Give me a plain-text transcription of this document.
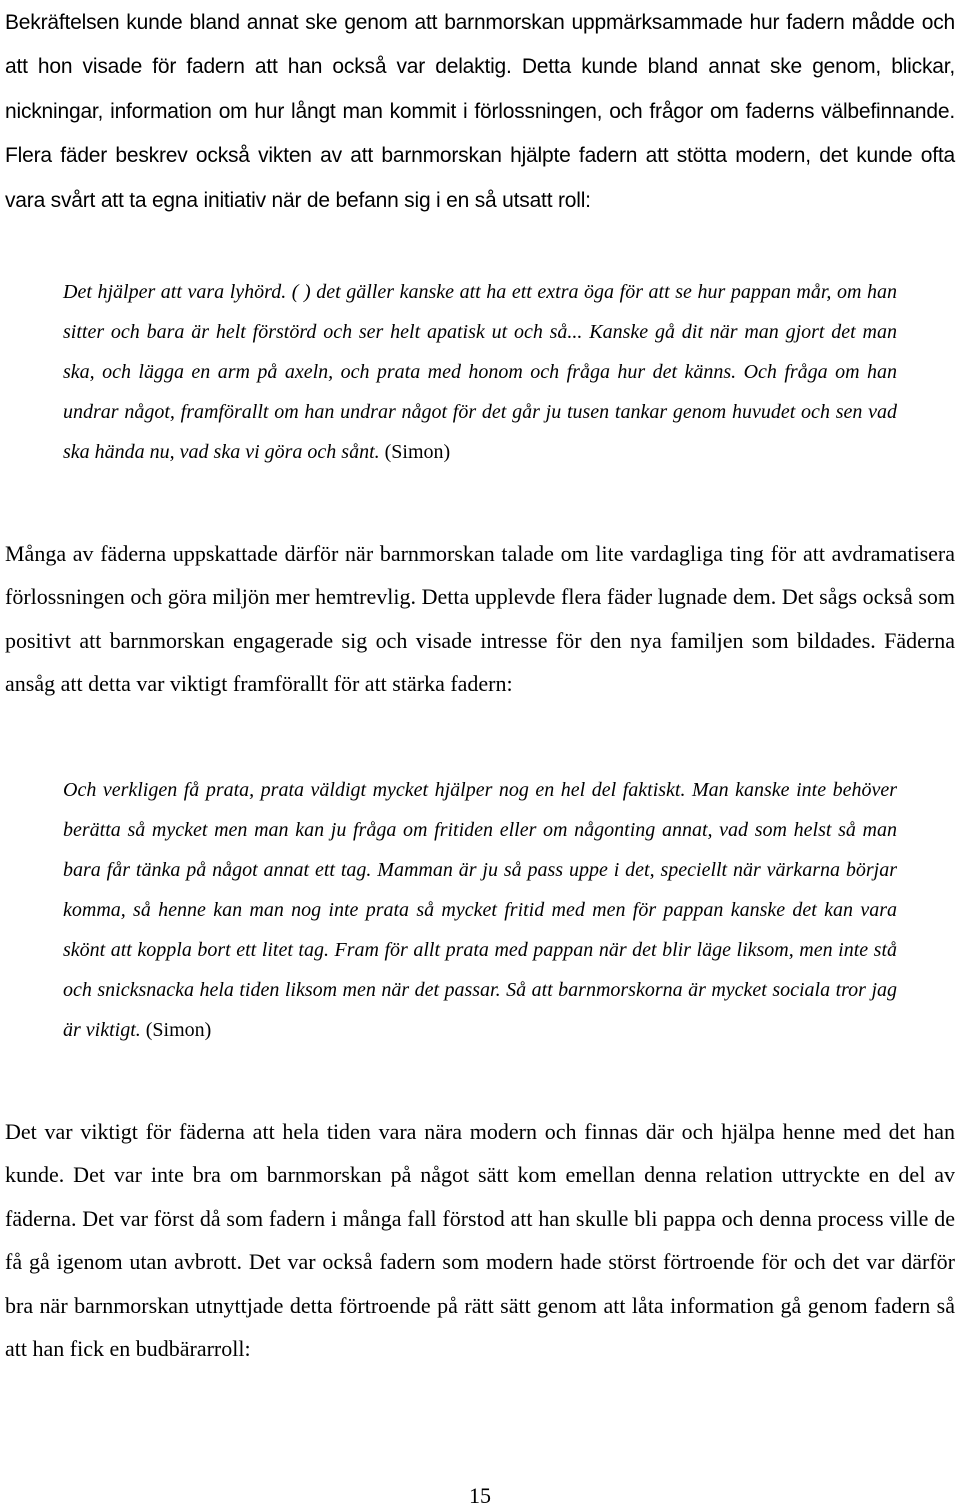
Bekräftelsen kunde bland annat ske genom att barnmorskan uppmärksammade hur fadern mådde och att hon visade för fadern att han också var delaktig. Detta kunde bland annat ske genom, blickar, nickningar, information om hur långt man kommit i förlossningen, och frågor om faderns välbefinnande. Flera fäder beskrev också vikten av att barnmorskan hjälpte fadern att stötta modern, det kunde ofta vara svårt att ta egna initiativ när de befann sig i en så utsatt roll:

Det hjälper att vara lyhörd. ( ) det gäller kanske att ha ett extra öga för att se hur pappan mår, om han sitter och bara är helt förstörd och ser helt apatisk ut och så... Kanske gå dit när man gjort det man ska, och lägga en arm på axeln, och prata med honom och fråga hur det känns. Och fråga om han undrar något, framförallt om han undrar något för det går ju tusen tankar genom huvudet och sen vad ska hända nu, vad ska vi göra och sånt. (Simon)

Många av fäderna uppskattade därför när barnmorskan talade om lite vardagliga ting för att avdramatisera förlossningen och göra miljön mer hemtrevlig. Detta upplevde flera fäder lugnade dem. Det sågs också som positivt att barnmorskan engagerade sig och visade intresse för den nya familjen som bildades. Fäderna ansåg att detta var viktigt framförallt för att stärka fadern:

Och verkligen få prata, prata väldigt mycket hjälper nog en hel del faktiskt. Man kanske inte behöver berätta så mycket men man kan ju fråga om fritiden eller om någonting annat, vad som helst så man bara får tänka på något annat ett tag. Mamman är ju så pass uppe i det, speciellt när värkarna börjar komma, så henne kan man nog inte prata så mycket fritid med men för pappan kanske det kan vara skönt att koppla bort ett litet tag. Fram för allt prata med pappan när det blir läge liksom, men inte stå och snicksnacka hela tiden liksom men när det passar. Så att barnmorskorna är mycket sociala tror jag är viktigt. (Simon)

Det var viktigt för fäderna att hela tiden vara nära modern och finnas där och hjälpa henne med det han kunde. Det var inte bra om barnmorskan på något sätt kom emellan denna relation uttryckte en del av fäderna. Det var först då som fadern i många fall förstod att han skulle bli pappa och denna process ville de få gå igenom utan avbrott. Det var också fadern som modern hade störst förtroende för och det var därför bra när barnmorskan utnyttjade detta förtroende på rätt sätt genom att låta information gå genom fadern så att han fick en budbärarroll:

15
